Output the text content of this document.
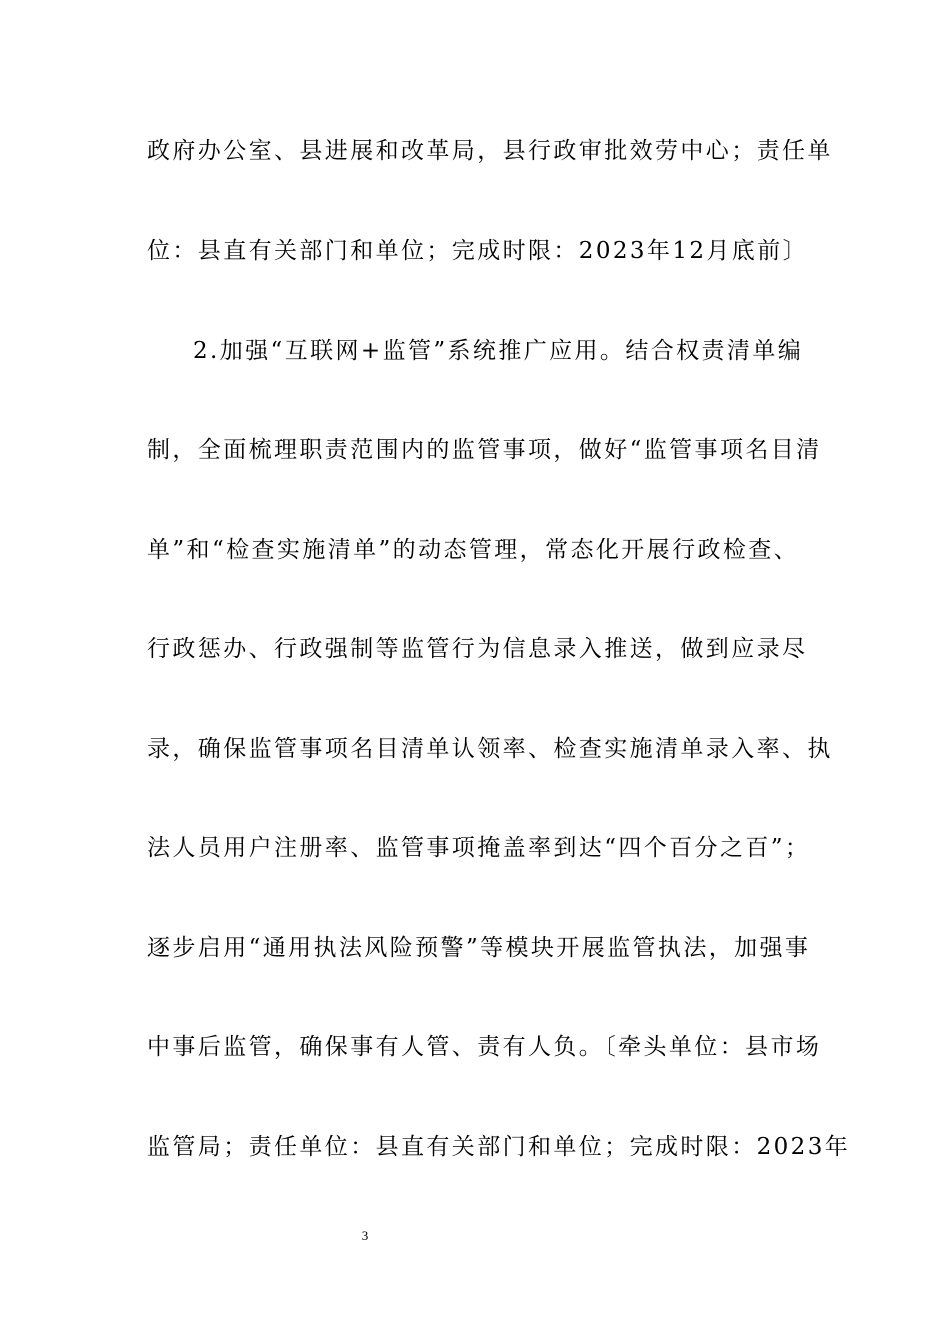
政府办公室、县进展和改革局，县行政审批效劳中心；责任单
位：县直有关部门和单位；完成时限：2023年12月底前〕
2.加强“互联网+监管”系统推广应用。结合权责清单编
制，全面梳理职责范围内的监管事项，做好“监管事项名目清
单”和“检查实施清单”的动态管理，常态化开展行政检查、
行政惩办、行政强制等监管行为信息录入推送，做到应录尽
录，确保监管事项名目清单认领率、检查实施清单录入率、执
法人员用户注册率、监管事项掩盖率到达“四个百分之百”；
逐步启用“通用执法风险预警”等模块开展监管执法，加强事
中事后监管，确保事有人管、责有人负。〔牵头单位：县市场
监管局；责任单位：县直有关部门和单位；完成时限：2023年
3
